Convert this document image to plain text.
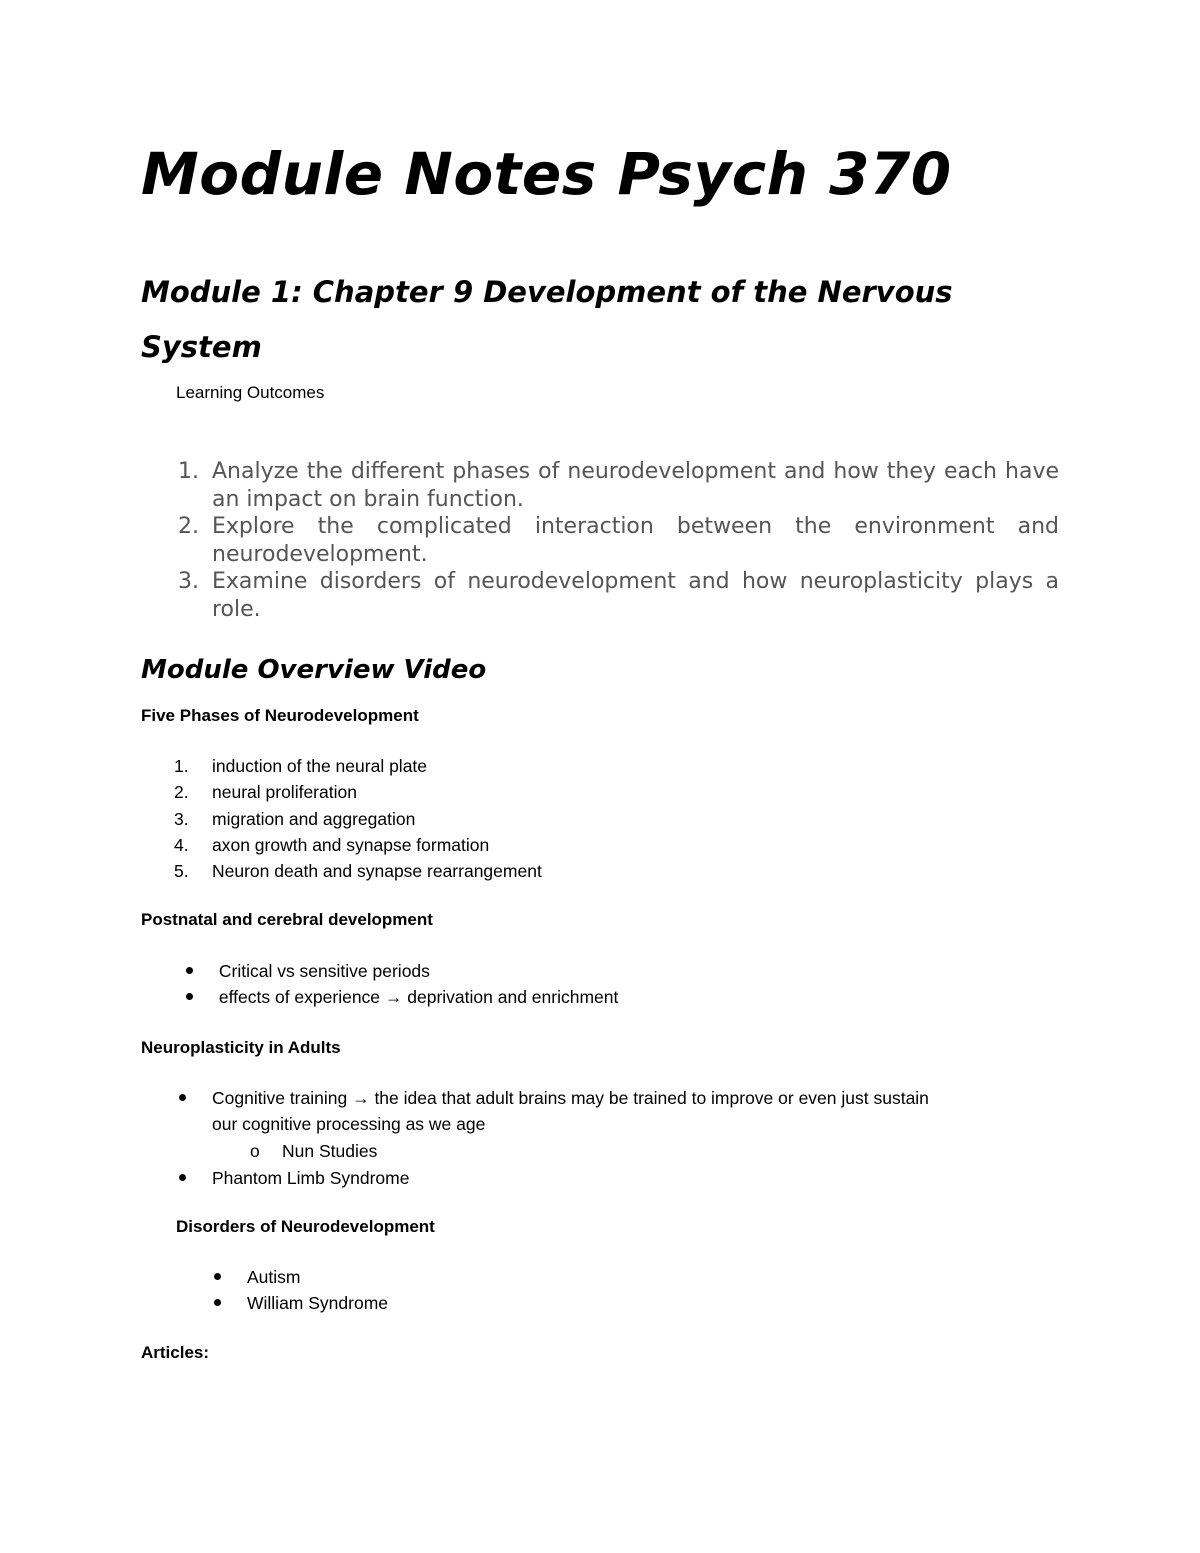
Module Notes Psych 370
Module 1: Chapter 9 Development of the Nervous System
Learning Outcomes
1. Analyze the different phases of neurodevelopment and how they each have an impact on brain function.
2. Explore the complicated interaction between the environment and neurodevelopment.
3. Examine disorders of neurodevelopment and how neuroplasticity plays a role.
Module Overview Video
Five Phases of Neurodevelopment
1.	induction of the neural plate
2.	neural proliferation
3.	migration and aggregation
4.	axon growth and synapse formation
5.	Neuron death and synapse rearrangement
Postnatal and cerebral development
Critical vs sensitive periods
effects of experience → deprivation and enrichment
Neuroplasticity in Adults
Cognitive training → the idea that adult brains may be trained to improve or even just sustain
our cognitive processing as we age
o Nun Studies
Phantom Limb Syndrome
Disorders of Neurodevelopment
Autism
William Syndrome
Articles:
